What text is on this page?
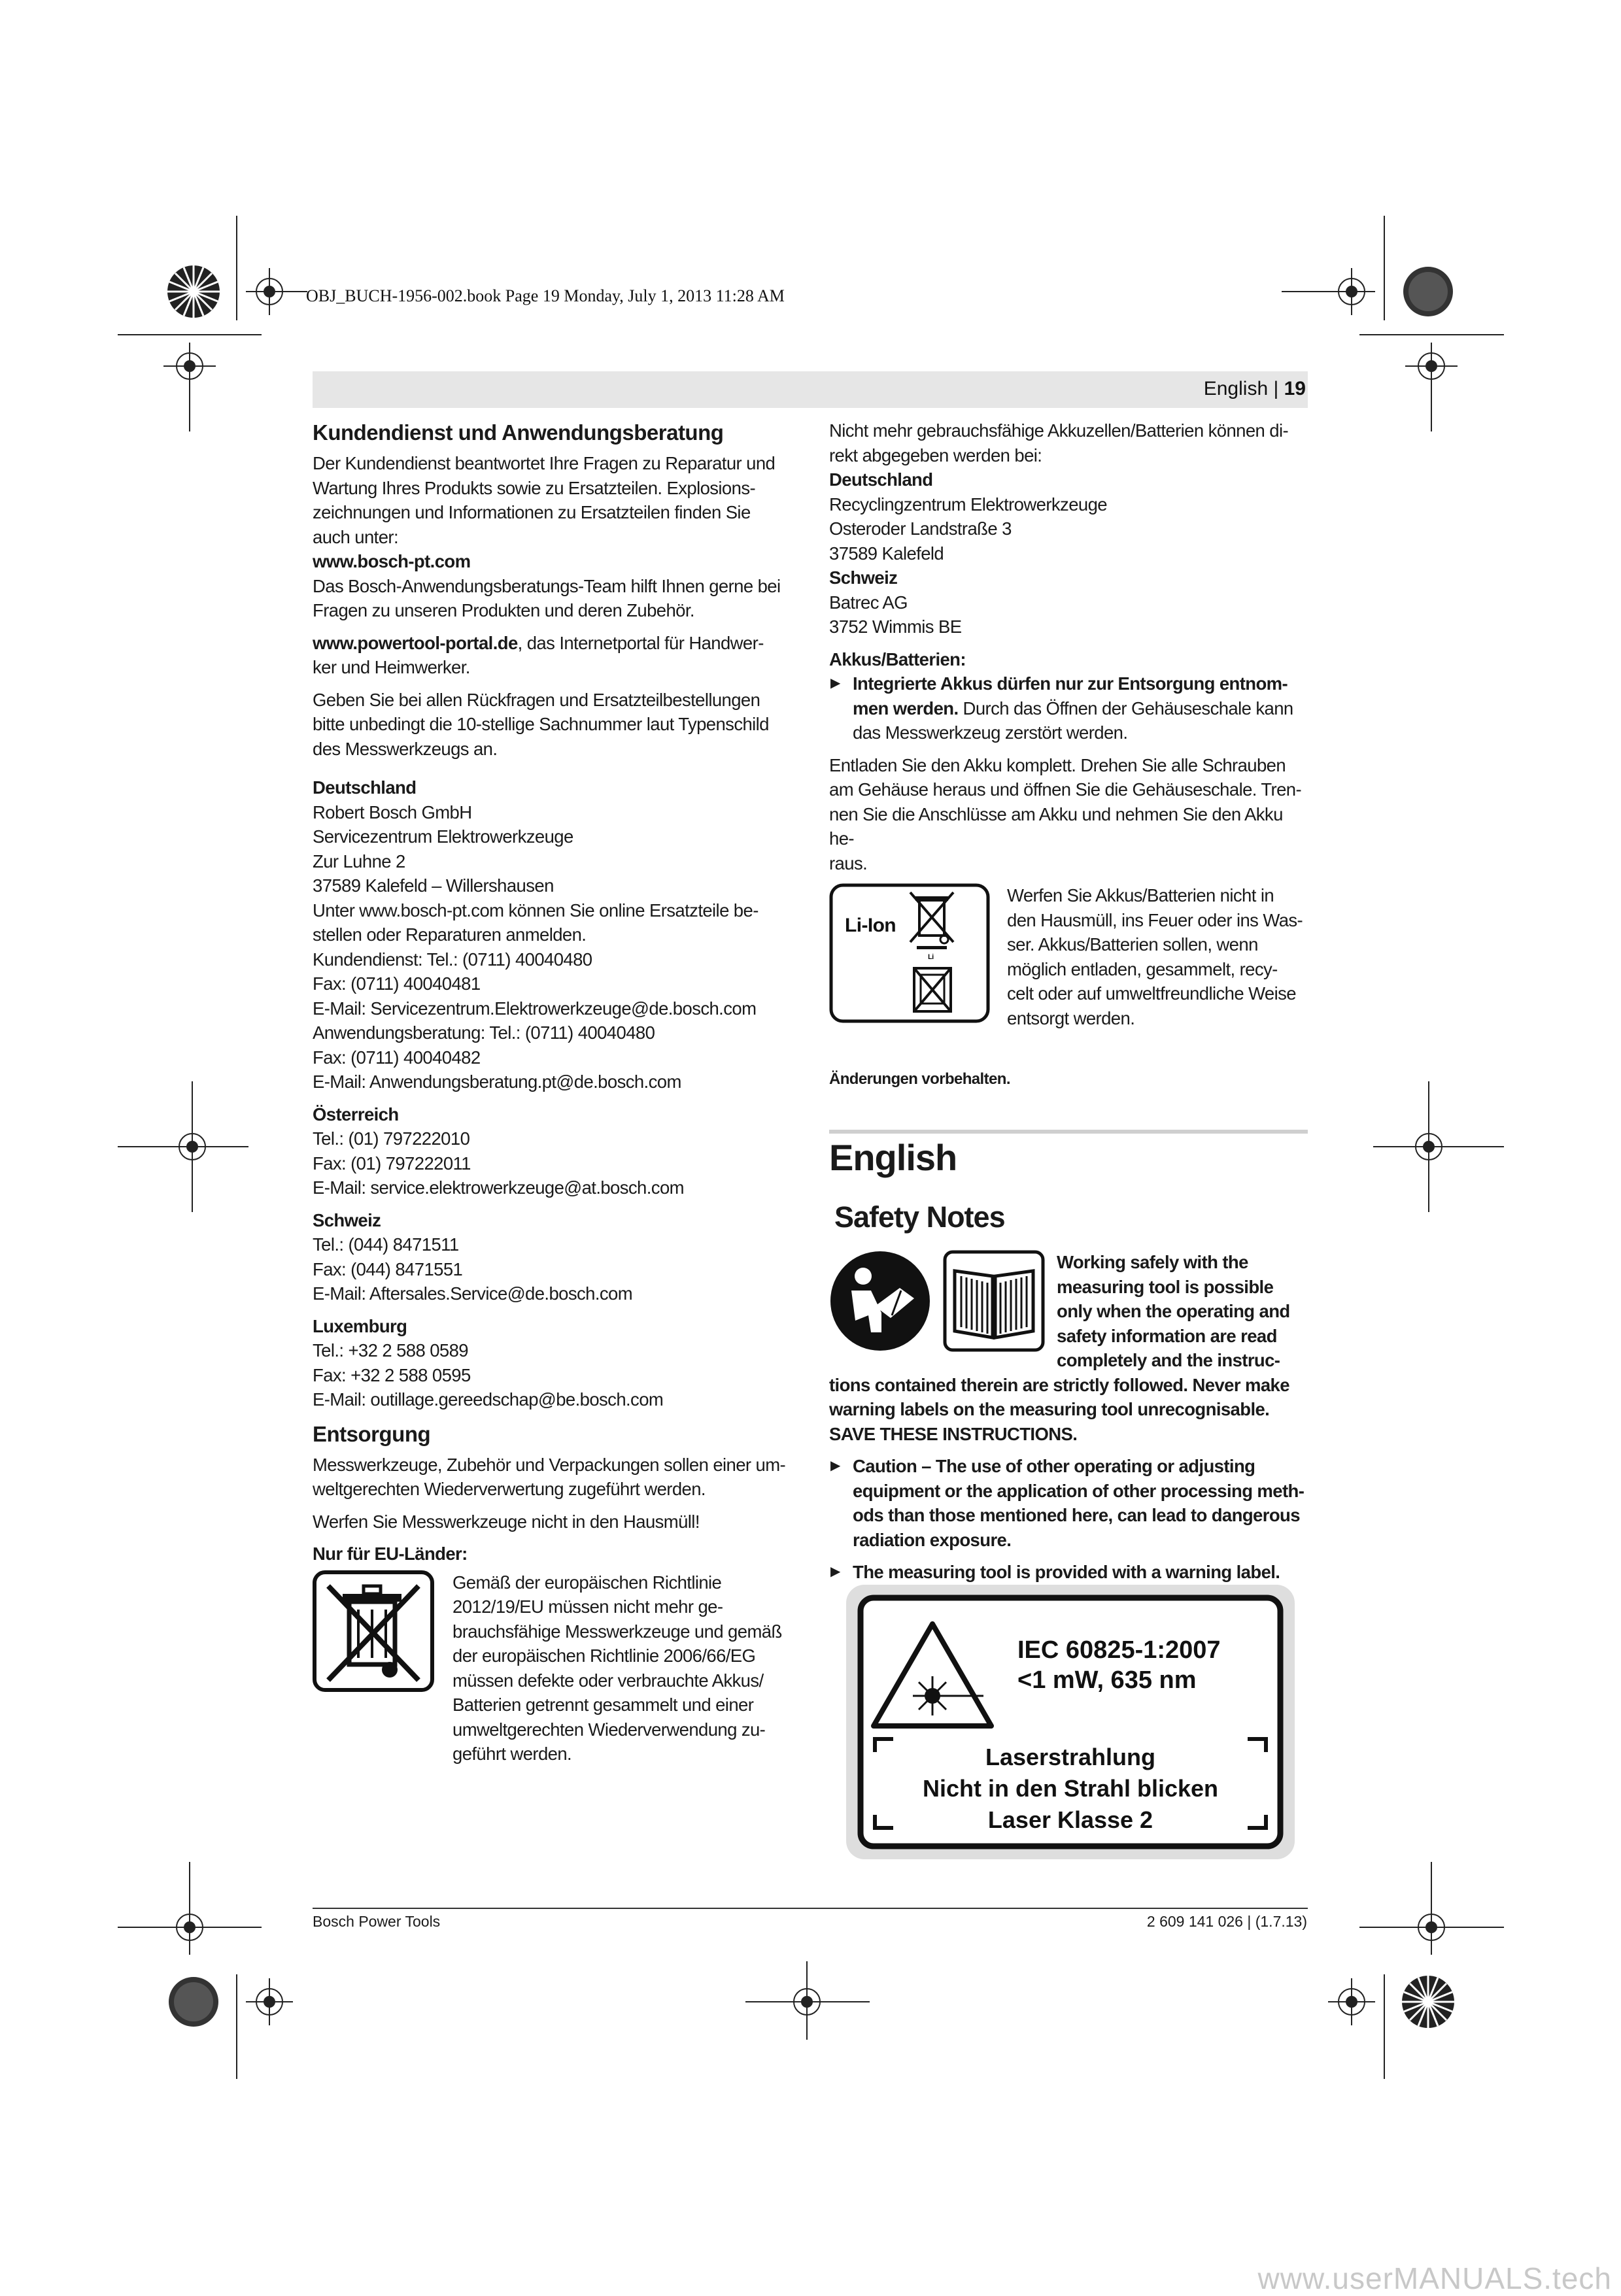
OBJ_BUCH-1956-002.book Page 19 Monday, July 1, 2013 11:28 AM
English | 19
Kundendienst und Anwendungsberatung

Der Kundendienst beantwortet Ihre Fragen zu Reparatur und

Wartung Ihres Produkts sowie zu Ersatzteilen. Explosions-

zeichnungen und Informationen zu Ersatzteilen finden Sie

auch unter:

www.bosch-pt.com

Das Bosch-Anwendungsberatungs-Team hilft Ihnen gerne bei

Fragen zu unseren Produkten und deren Zubehör.

www.powertool-portal.de, das Internetportal für Handwer-

ker und Heimwerker.

Geben Sie bei allen Rückfragen und Ersatzteilbestellungen

bitte unbedingt die 10-stellige Sachnummer laut Typenschild

des Messwerkzeugs an.

Deutschland

Robert Bosch GmbH

Servicezentrum Elektrowerkzeuge

Zur Luhne 2

37589 Kalefeld – Willershausen

Unter www.bosch-pt.com können Sie online Ersatzteile be-

stellen oder Reparaturen anmelden.

Kundendienst: Tel.: (0711) 40040480

Fax: (0711) 40040481

E-Mail: Servicezentrum.Elektrowerkzeuge@de.bosch.com

Anwendungsberatung: Tel.: (0711) 40040480

Fax: (0711) 40040482

E-Mail: Anwendungsberatung.pt@de.bosch.com

Österreich

Tel.: (01) 797222010

Fax: (01) 797222011

E-Mail: service.elektrowerkzeuge@at.bosch.com

Schweiz

Tel.: (044) 8471511

Fax: (044) 8471551

E-Mail: Aftersales.Service@de.bosch.com

Luxemburg

Tel.: +32 2 588 0589

Fax: +32 2 588 0595

E-Mail: outillage.gereedschap@be.bosch.com

Entsorgung

Messwerkzeuge, Zubehör und Verpackungen sollen einer um-

weltgerechten Wiederverwertung zugeführt werden.

Werfen Sie Messwerkzeuge nicht in den Hausmüll!

Nur für EU-Länder:

Gemäß der europäischen Richtlinie

2012/19/EU müssen nicht mehr ge-

brauchsfähige Messwerkzeuge und gemäß

der europäischen Richtlinie 2006/66/EG

müssen defekte oder verbrauchte Akkus/

Batterien getrennt gesammelt und einer

umweltgerechten Wiederverwendung zu-

geführt werden.

Nicht mehr gebrauchsfähige Akkuzellen/Batterien können di-

rekt abgegeben werden bei:

Deutschland

Recyclingzentrum Elektrowerkzeuge

Osteroder Landstraße 3

37589 Kalefeld

Schweiz

Batrec AG

3752 Wimmis BE

Akkus/Batterien:

▶ Integrierte Akkus dürfen nur zur Entsorgung entnom-

men werden. Durch das Öffnen der Gehäuseschale kann

das Messwerkzeug zerstört werden.

Entladen Sie den Akku komplett. Drehen Sie alle Schrauben

am Gehäuse heraus und öffnen Sie die Gehäuseschale. Tren-

nen Sie die Anschlüsse am Akku und nehmen Sie den Akku he-

raus.

Li-Ion
Li

Werfen Sie Akkus/Batterien nicht in

den Hausmüll, ins Feuer oder ins Was-

ser. Akkus/Batterien sollen, wenn

möglich entladen, gesammelt, recy-

celt oder auf umweltfreundliche Weise

entsorgt werden.

Änderungen vorbehalten.

English
Safety Notes

Working safely with the

measuring tool is possible

only when the operating and

safety information are read

completely and the instruc-

tions contained therein are strictly followed. Never make

warning labels on the measuring tool unrecognisable.

SAVE THESE INSTRUCTIONS.

▶ Caution – The use of other operating or adjusting

equipment or the application of other processing meth-

ods than those mentioned here, can lead to dangerous

radiation exposure.

▶ The measuring tool is provided with a warning label.

IEC 60825-1:2007
<1 mW, 635 nm
Laserstrahlung
Nicht in den Strahl blicken
Laser Klasse 2
Bosch Power Tools	2 609 141 026 | (1.7.13)
www.userMANUALS.tech
